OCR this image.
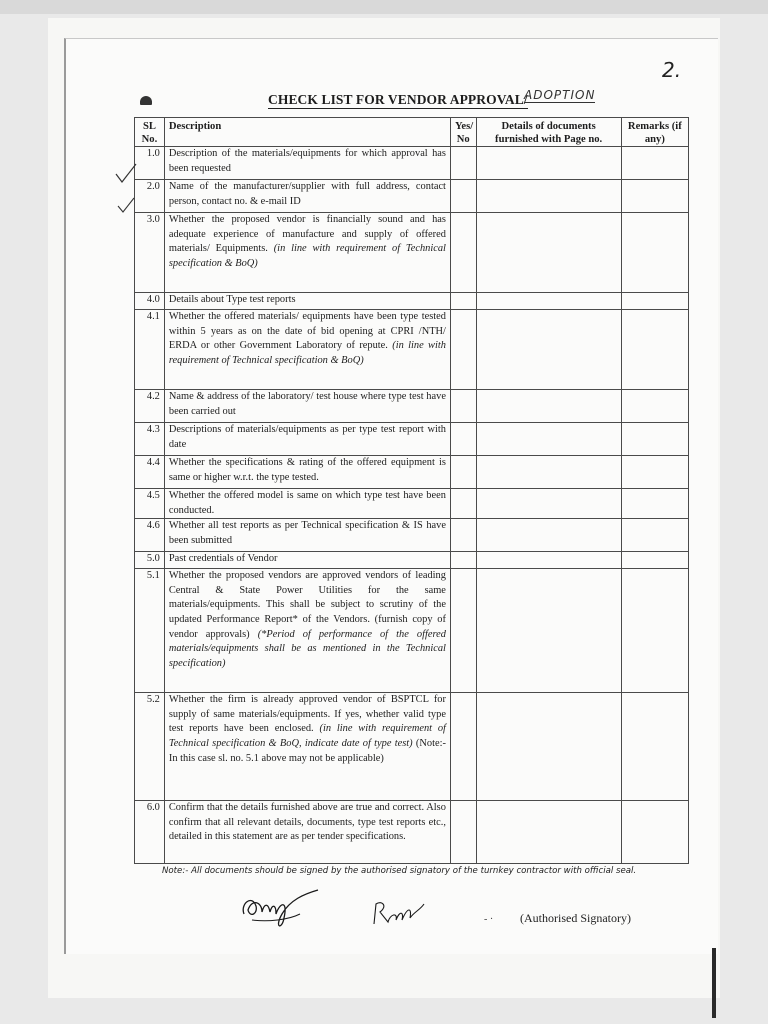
2.
CHECK LIST FOR VENDOR APPROVAL/
ADOPTION
SL No.	Description	Yes/ No	Details of documents furnished with Page no.	Remarks (if any)
1.0	Description of the materials/equipments for which approval has been requested			
2.0	Name of the manufacturer/supplier with full address, contact person, contact no. & e-mail ID			
3.0	Whether the proposed vendor is financially sound and has adequate experience of manufacture and supply of offered materials/ Equipments. (in line with requirement of Technical specification & BoQ)			
4.0	Details about Type test reports			
4.1	Whether the offered materials/ equipments have been type tested within 5 years as on the date of bid opening at CPRI /NTH/ ERDA or other Government Laboratory of repute. (in line with requirement of Technical specification & BoQ)			
4.2	Name & address of the laboratory/ test house where type test have been carried out			
4.3	Descriptions of materials/equipments as per type test report with date			
4.4	Whether the specifications & rating of the offered equipment is same or higher w.r.t. the type tested.			
4.5	Whether the offered model is same on which type test have been conducted.			
4.6	Whether all test reports as per Technical specification & IS have been submitted			
5.0	Past credentials of Vendor			
5.1	Whether the proposed vendors are approved vendors of leading Central & State Power Utilities for the same materials/equipments. This shall be subject to scrutiny of the updated Performance Report* of the Vendors. (furnish copy of vendor approvals) (*Period of performance of the offered materials/equipments shall be as mentioned in the Technical specification)			
5.2	Whether the firm is already approved vendor of BSPTCL for supply of same materials/equipments. If yes, whether valid type test reports have been enclosed. (in line with requirement of Technical specification & BoQ, indicate date of type test) (Note:- In this case sl. no. 5.1 above may not be applicable)			
6.0	Confirm that the details furnished above are true and correct. Also confirm that all relevant details, documents, type test reports etc., detailed in this statement are as per tender specifications.			
Note:- All documents should be signed by the authorised signatory of the turnkey contractor with official seal.
- · (Authorised Signatory)
